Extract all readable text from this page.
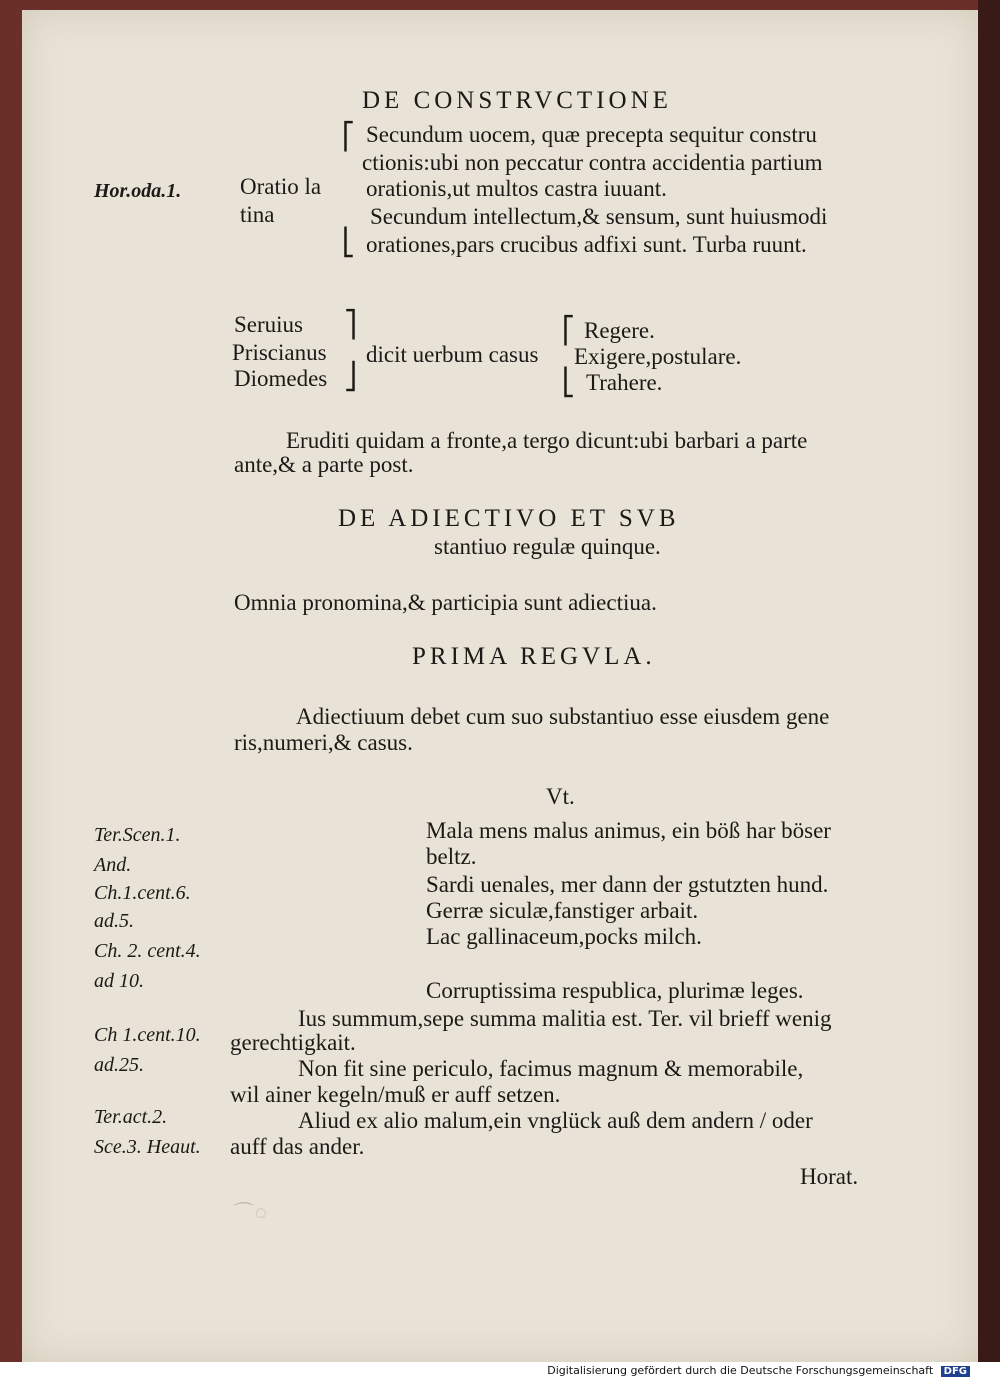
DE CONSTRVCTIONE
Hor.oda.1.	Oratio la
tina
⎡
⎣
Secundum uocem, quæ precepta sequitur constru
ctionis:ubi non peccatur contra accidentia partium
orationis,ut multos castra iuuant.
Secundum intellectum,& sensum, sunt huiusmodi
orationes,pars crucibus adfixi sunt. Turba ruunt.
Seruius
Priscianus
Diomedes
⎤
⎦
dicit uerbum casus
⎡
⎣
Regere.
Exigere,postulare.
Trahere.
Eruditi quidam a fronte,a tergo dicunt:ubi barbari a parte
ante,& a parte post.
DE ADIECTIVO ET SVB
stantiuo regulæ quinque.
Omnia pronomina,& participia sunt adiectiua.
PRIMA REGVLA.
Adiectiuum debet cum suo substantiuo esse eiusdem gene
ris,numeri,& casus.
Vt.
Ter.Scen.1.
And.
Ch.1.cent.6.
ad.5.
Ch. 2. cent.4.
ad 10.
Ch 1.cent.10.
ad.25.
Ter.act.2.
Sce.3. Heaut.
Mala mens malus animus, ein böß har böser
beltz.
Sardi uenales, mer dann der gstutzten hund.
Gerræ siculæ,fanstiger arbait.
Lac gallinaceum,pocks milch.
Corruptissima respublica, plurimæ leges.
Ius summum,sepe summa malitia est. Ter. vil brieff wenig
gerechtigkait.
Non fit sine periculo, facimus magnum & memorabile,
wil ainer kegeln/muß er auff setzen.
Aliud ex alio malum,ein vnglück auß dem andern / oder
auff das ander.
Horat.
⌒ ◌
Digitalisierung gefördert durch die Deutsche Forschungsgemeinschaft DFG
